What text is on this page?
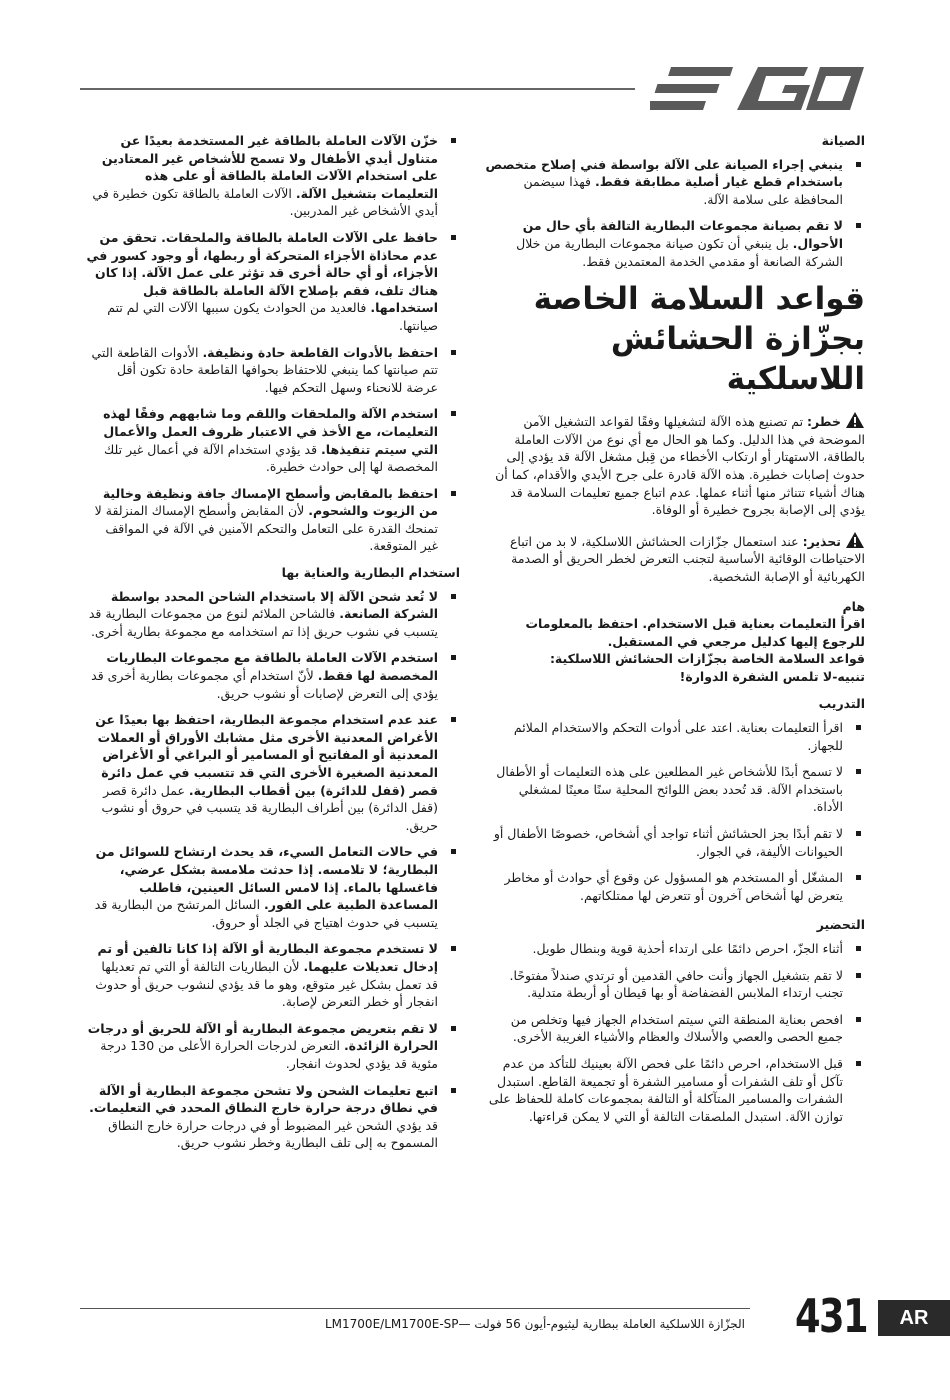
الصيانة
ينبغي إجراء الصيانة على الآلة بواسطة فني إصلاح متخصص باستخدام قطع غيار أصلية مطابقة فقط. فهذا سيضمن المحافظة على سلامة الآلة.
لا تقم بصيانة مجموعات البطارية التالفة بأي حال من الأحوال. بل ينبغي أن تكون صيانة مجموعات البطارية من خلال الشركة الصانعة أو مقدمي الخدمة المعتمدين فقط.
قواعد السلامة الخاصة بجزّازة الحشائش اللاسلكية
خطر: تم تصنيع هذه الآلة لتشغيلها وفقًا لقواعد التشغيل الآمن الموضحة في هذا الدليل. وكما هو الحال مع أي نوع من الآلات العاملة بالطاقة، الاستهتار أو ارتكاب الأخطاء من قِبل مشغل الآلة قد يؤدي إلى حدوث إصابات خطيرة. هذه الآلة قادرة على جرح الأيدي والأقدام، كما أن هناك أشياء تتناثر منها أثناء عملها. عدم اتباع جميع تعليمات السلامة قد يؤدي إلى الإصابة بجروح خطيرة أو الوفاة.
تحذير: عند استعمال جزّازات الحشائش اللاسلكية، لا بد من اتباع الاحتياطات الوقائية الأساسية لتجنب التعرض لخطر الحريق أو الصدمة الكهربائية أو الإصابة الشخصية.
هام
اقرأ التعليمات بعناية قبل الاستخدام. احتفظ بالمعلومات للرجوع إليها كدليل مرجعي في المستقبل.
قواعد السلامة الخاصة بجزّازات الحشائش اللاسلكية:
تنبيه-لا تلمس الشفرة الدوارة!
التدريب
اقرأ التعليمات بعناية. اعتد على أدوات التحكم والاستخدام الملائم للجهاز.
لا تسمح أبدًا للأشخاص غير المطلعين على هذه التعليمات أو الأطفال باستخدام الآلة. قد تُحدد بعض اللوائح المحلية سنًا معينًا لمشغلي الأداة.
لا تقم أبدًا بجز الحشائش أثناء تواجد أي أشخاص، خصوصًا الأطفال أو الحيوانات الأليفة، في الجوار.
المشغّل أو المستخدم هو المسؤول عن وقوع أي حوادث أو مخاطر يتعرض لها أشخاص آخرون أو تتعرض لها ممتلكاتهم.
التحضير
أثناء الجزّ، احرص دائمًا على ارتداء أحذية قوية وبنطال طويل.
لا تقم بتشغيل الجهاز وأنت حافي القدمين أو ترتدي صندلاً مفتوحًا. تجنب ارتداء الملابس الفضفاضة أو بها قيطان أو أربطة متدلية.
افحص بعناية المنطقة التي سيتم استخدام الجهاز فيها وتخلص من جميع الحصى والعصي والأسلاك والعظام والأشياء الغريبة الأخرى.
قبل الاستخدام، احرص دائمًا على فحص الآلة بعينيك للتأكد من عدم تآكل أو تلف الشفرات أو مسامير الشفرة أو تجميعة القاطع. استبدل الشفرات والمسامير المتآكلة أو التالفة بمجموعات كاملة للحفاظ على توازن الآلة. استبدل الملصقات التالفة أو التي لا يمكن قراءتها.
خزّن الآلات العاملة بالطاقة غير المستخدمة بعيدًا عن متناول أيدي الأطفال ولا تسمح للأشخاص غير المعتادين على استخدام الآلات العاملة بالطاقة أو على هذه التعليمات بتشغيل الآلة. الآلات العاملة بالطاقة تكون خطيرة في أيدي الأشخاص غير المدربين.
حافظ على الآلات العاملة بالطاقة والملحقات. تحقق من عدم محاذاة الأجزاء المتحركة أو ربطها، أو وجود كسور في الأجزاء، أو أي حالة أخرى قد تؤثر على عمل الآلة. إذا كان هناك تلف، فقم بإصلاح الآلة العاملة بالطاقة قبل استخدامها. فالعديد من الحوادث يكون سببها الآلات التي لم تتم صيانتها.
احتفظ بالأدوات القاطعة حادة ونظيفة. الأدوات القاطعة التي تتم صيانتها كما ينبغي للاحتفاظ بحوافها القاطعة حادة تكون أقل عرضة للانحناء وسهل التحكم فيها.
استخدم الآلة والملحقات واللقم وما شابههم وفقًا لهذه التعليمات، مع الأخذ في الاعتبار ظروف العمل والأعمال التي سيتم تنفيذها. قد يؤدي استخدام الآلة في أعمال غير تلك المخصصة لها إلى حوادث خطيرة.
احتفظ بالمقابض وأسطح الإمساك جافة ونظيفة وخالية من الزيوت والشحوم. لأن المقابض وأسطح الإمساك المنزلقة لا تمنحك القدرة على التعامل والتحكم الآمنين في الآلة في المواقف غير المتوقعة.
استخدام البطارية والعناية بها
لا تُعد شحن الآلة إلا باستخدام الشاحن المحدد بواسطة الشركة الصانعة. فالشاحن الملائم لنوع من مجموعات البطارية قد يتسبب في نشوب حريق إذا تم استخدامه مع مجموعة بطارية أخرى.
استخدم الآلات العاملة بالطاقة مع مجموعات البطاريات المخصصة لها فقط. لأنّ استخدام أي مجموعات بطارية أخرى قد يؤدي إلى التعرض لإصابات أو نشوب حريق.
عند عدم استخدام مجموعة البطارية، احتفظ بها بعيدًا عن الأغراض المعدنية الأخرى مثل مشابك الأوراق أو العملات المعدنية أو المفاتيح أو المسامير أو البراغي أو الأغراض المعدنية الصغيرة الأخرى التي قد تتسبب في عمل دائرة قصر (قفل للدائرة) بين أقطاب البطارية. عمل دائرة قصر (قفل الدائرة) بين أطراف البطارية قد يتسبب في حروق أو نشوب حريق.
في حالات التعامل السيء، قد يحدث ارتشاح للسوائل من البطارية؛ لا تلامسه. إذا حدثت ملامسة بشكل عرضي، فاغسلها بالماء. إذا لامس السائل العينين، فاطلب المساعدة الطبية على الفور. السائل المرتشح من البطارية قد يتسبب في حدوث اهتياج في الجلد أو حروق.
لا تستخدم مجموعة البطارية أو الآلة إذا كانا تالفين أو تم إدخال تعديلات عليهما. لأن البطاريات التالفة أو التي تم تعديلها قد تعمل بشكل غير متوقع، وهو ما قد يؤدي لنشوب حريق أو حدوث انفجار أو خطر التعرض لإصابة.
لا تقم بتعريض مجموعة البطارية أو الآلة للحريق أو درجات الحرارة الزائدة. التعرض لدرجات الحرارة الأعلى من 130 درجة مئوية قد يؤدي لحدوث انفجار.
اتبع تعليمات الشحن ولا تشحن مجموعة البطارية أو الآلة في نطاق درجة حرارة خارج النطاق المحدد في التعليمات. قد يؤدي الشحن غير المضبوط أو في درجات حرارة خارج النطاق المسموح به إلى تلف البطارية وخطر نشوب حريق.
الجزّازة اللاسلكية العاملة ببطارية ليثيوم-أيون 56 فولت —LM1700E/LM1700E-SP 431	AR
